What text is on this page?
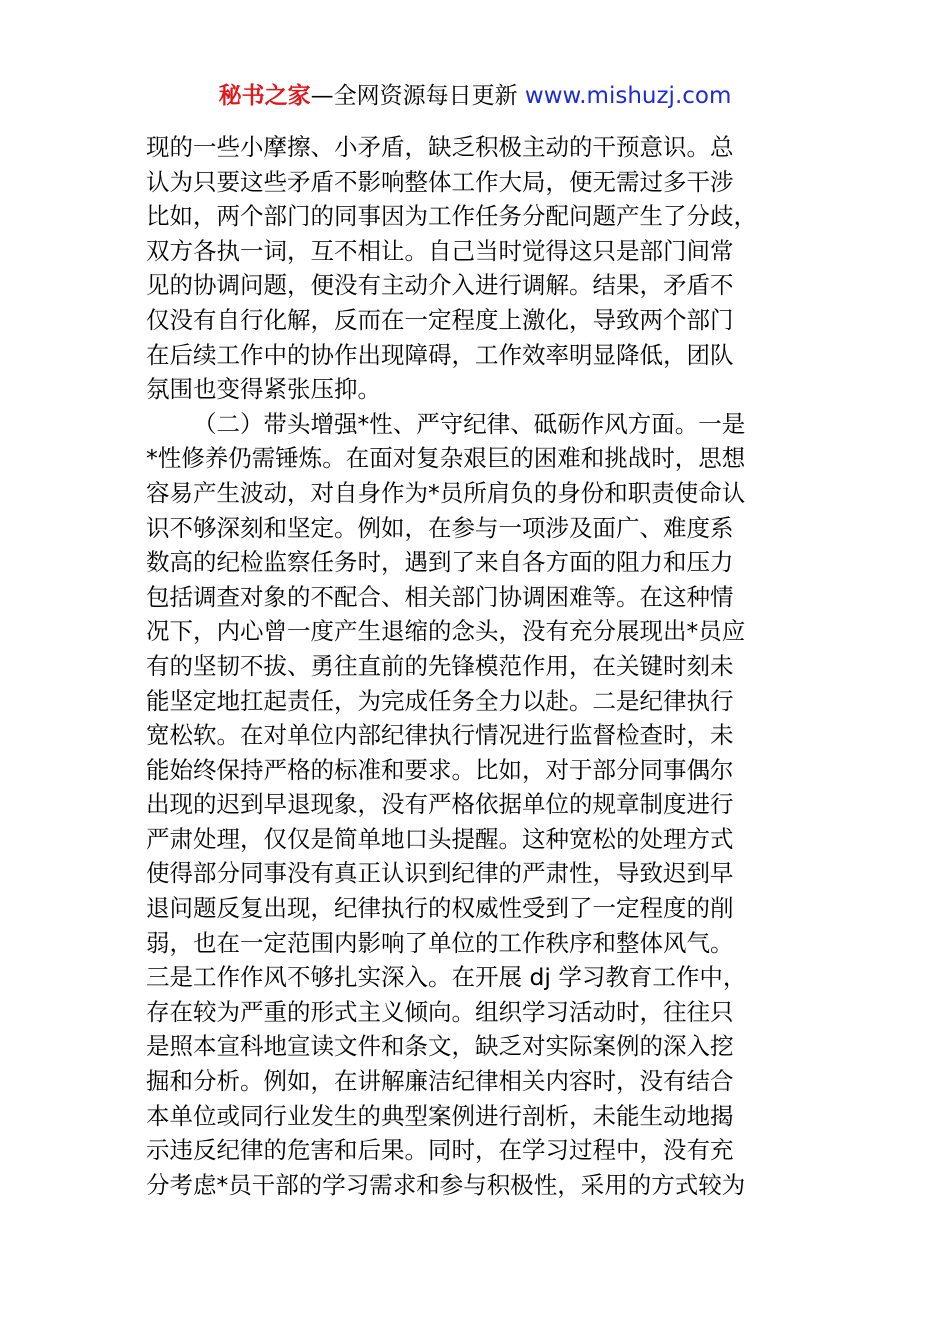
秘书之家—全网资源每日更新 www.mishuzj.com
现的一些小摩擦、小矛盾，缺乏积极主动的干预意识。总
认为只要这些矛盾不影响整体工作大局，便无需过多干涉
比如，两个部门的同事因为工作任务分配问题产生了分歧，
双方各执一词，互不相让。自己当时觉得这只是部门间常
见的协调问题，便没有主动介入进行调解。结果，矛盾不
仅没有自行化解，反而在一定程度上激化，导致两个部门
在后续工作中的协作出现障碍，工作效率明显降低，团队
氛围也变得紧张压抑。
（二）带头增强*性、严守纪律、砥砺作风方面。一是
*性修养仍需锤炼。在面对复杂艰巨的困难和挑战时，思想
容易产生波动，对自身作为*员所肩负的身份和职责使命认
识不够深刻和坚定。例如，在参与一项涉及面广、难度系
数高的纪检监察任务时，遇到了来自各方面的阻力和压力
包括调查对象的不配合、相关部门协调困难等。在这种情
况下，内心曾一度产生退缩的念头，没有充分展现出*员应
有的坚韧不拔、勇往直前的先锋模范作用，在关键时刻未
能坚定地扛起责任，为完成任务全力以赴。二是纪律执行
宽松软。在对单位内部纪律执行情况进行监督检查时，未
能始终保持严格的标准和要求。比如，对于部分同事偶尔
出现的迟到早退现象，没有严格依据单位的规章制度进行
严肃处理，仅仅是简单地口头提醒。这种宽松的处理方式
使得部分同事没有真正认识到纪律的严肃性，导致迟到早
退问题反复出现，纪律执行的权威性受到了一定程度的削
弱，也在一定范围内影响了单位的工作秩序和整体风气。
三是工作作风不够扎实深入。在开展 dj 学习教育工作中，
存在较为严重的形式主义倾向。组织学习活动时，往往只
是照本宣科地宣读文件和条文，缺乏对实际案例的深入挖
掘和分析。例如，在讲解廉洁纪律相关内容时，没有结合
本单位或同行业发生的典型案例进行剖析，未能生动地揭
示违反纪律的危害和后果。同时，在学习过程中，没有充
分考虑*员干部的学习需求和参与积极性，采用的方式较为
